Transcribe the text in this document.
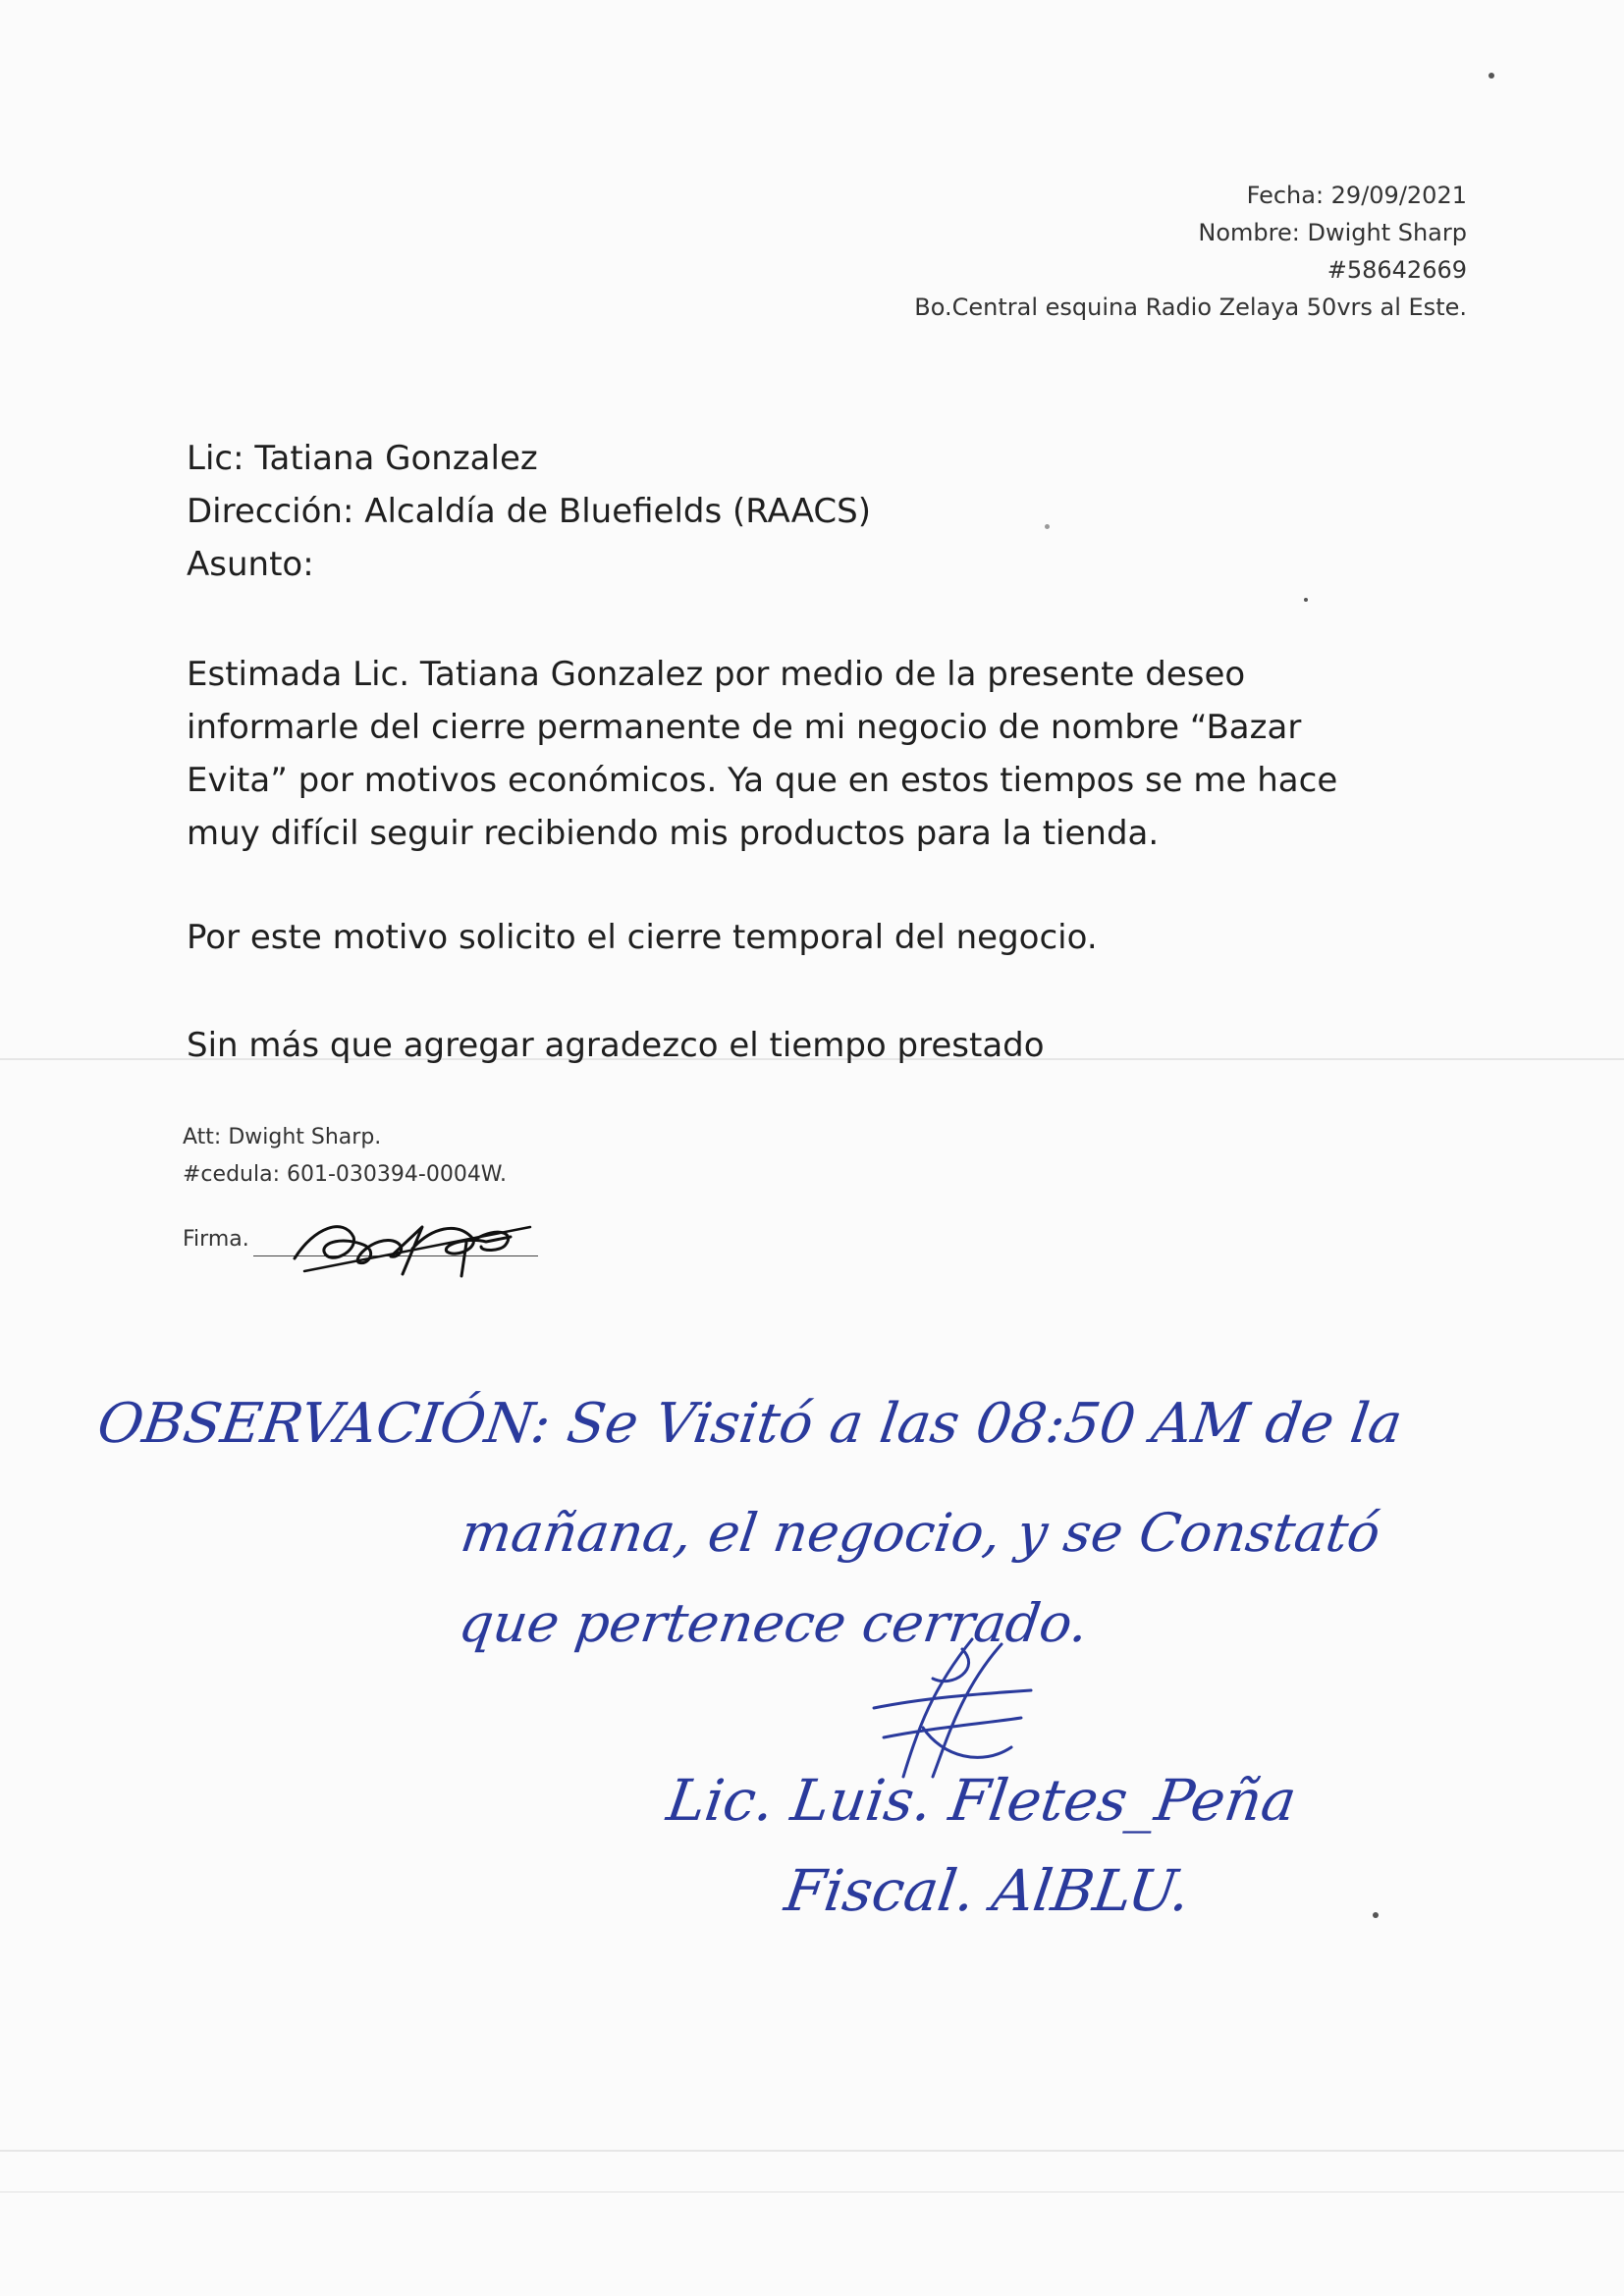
Fecha: 29/09/2021
Nombre: Dwight Sharp
#58642669
Bo.Central esquina Radio Zelaya 50vrs al Este.
Lic: Tatiana Gonzalez
Dirección: Alcaldía de Bluefields (RAACS)
Asunto:
Estimada Lic. Tatiana Gonzalez por medio de la presente deseo
informarle del cierre permanente de mi negocio de nombre “Bazar
Evita” por motivos económicos. Ya que en estos tiempos se me hace
muy difícil seguir recibiendo mis productos para la tienda.
Por este motivo solicito el cierre temporal del negocio.
Sin más que agregar agradezco el tiempo prestado
Att: Dwight Sharp.
#cedula: 601-030394-0004W.
Firma.
OBSERVACIÓN: Se Visitó a las 08:50 AM de la
mañana, el negocio, y se Constató
que pertenece cerrado.
Lic. Luis. Fletes_Peña
Fiscal. AlBLU.
